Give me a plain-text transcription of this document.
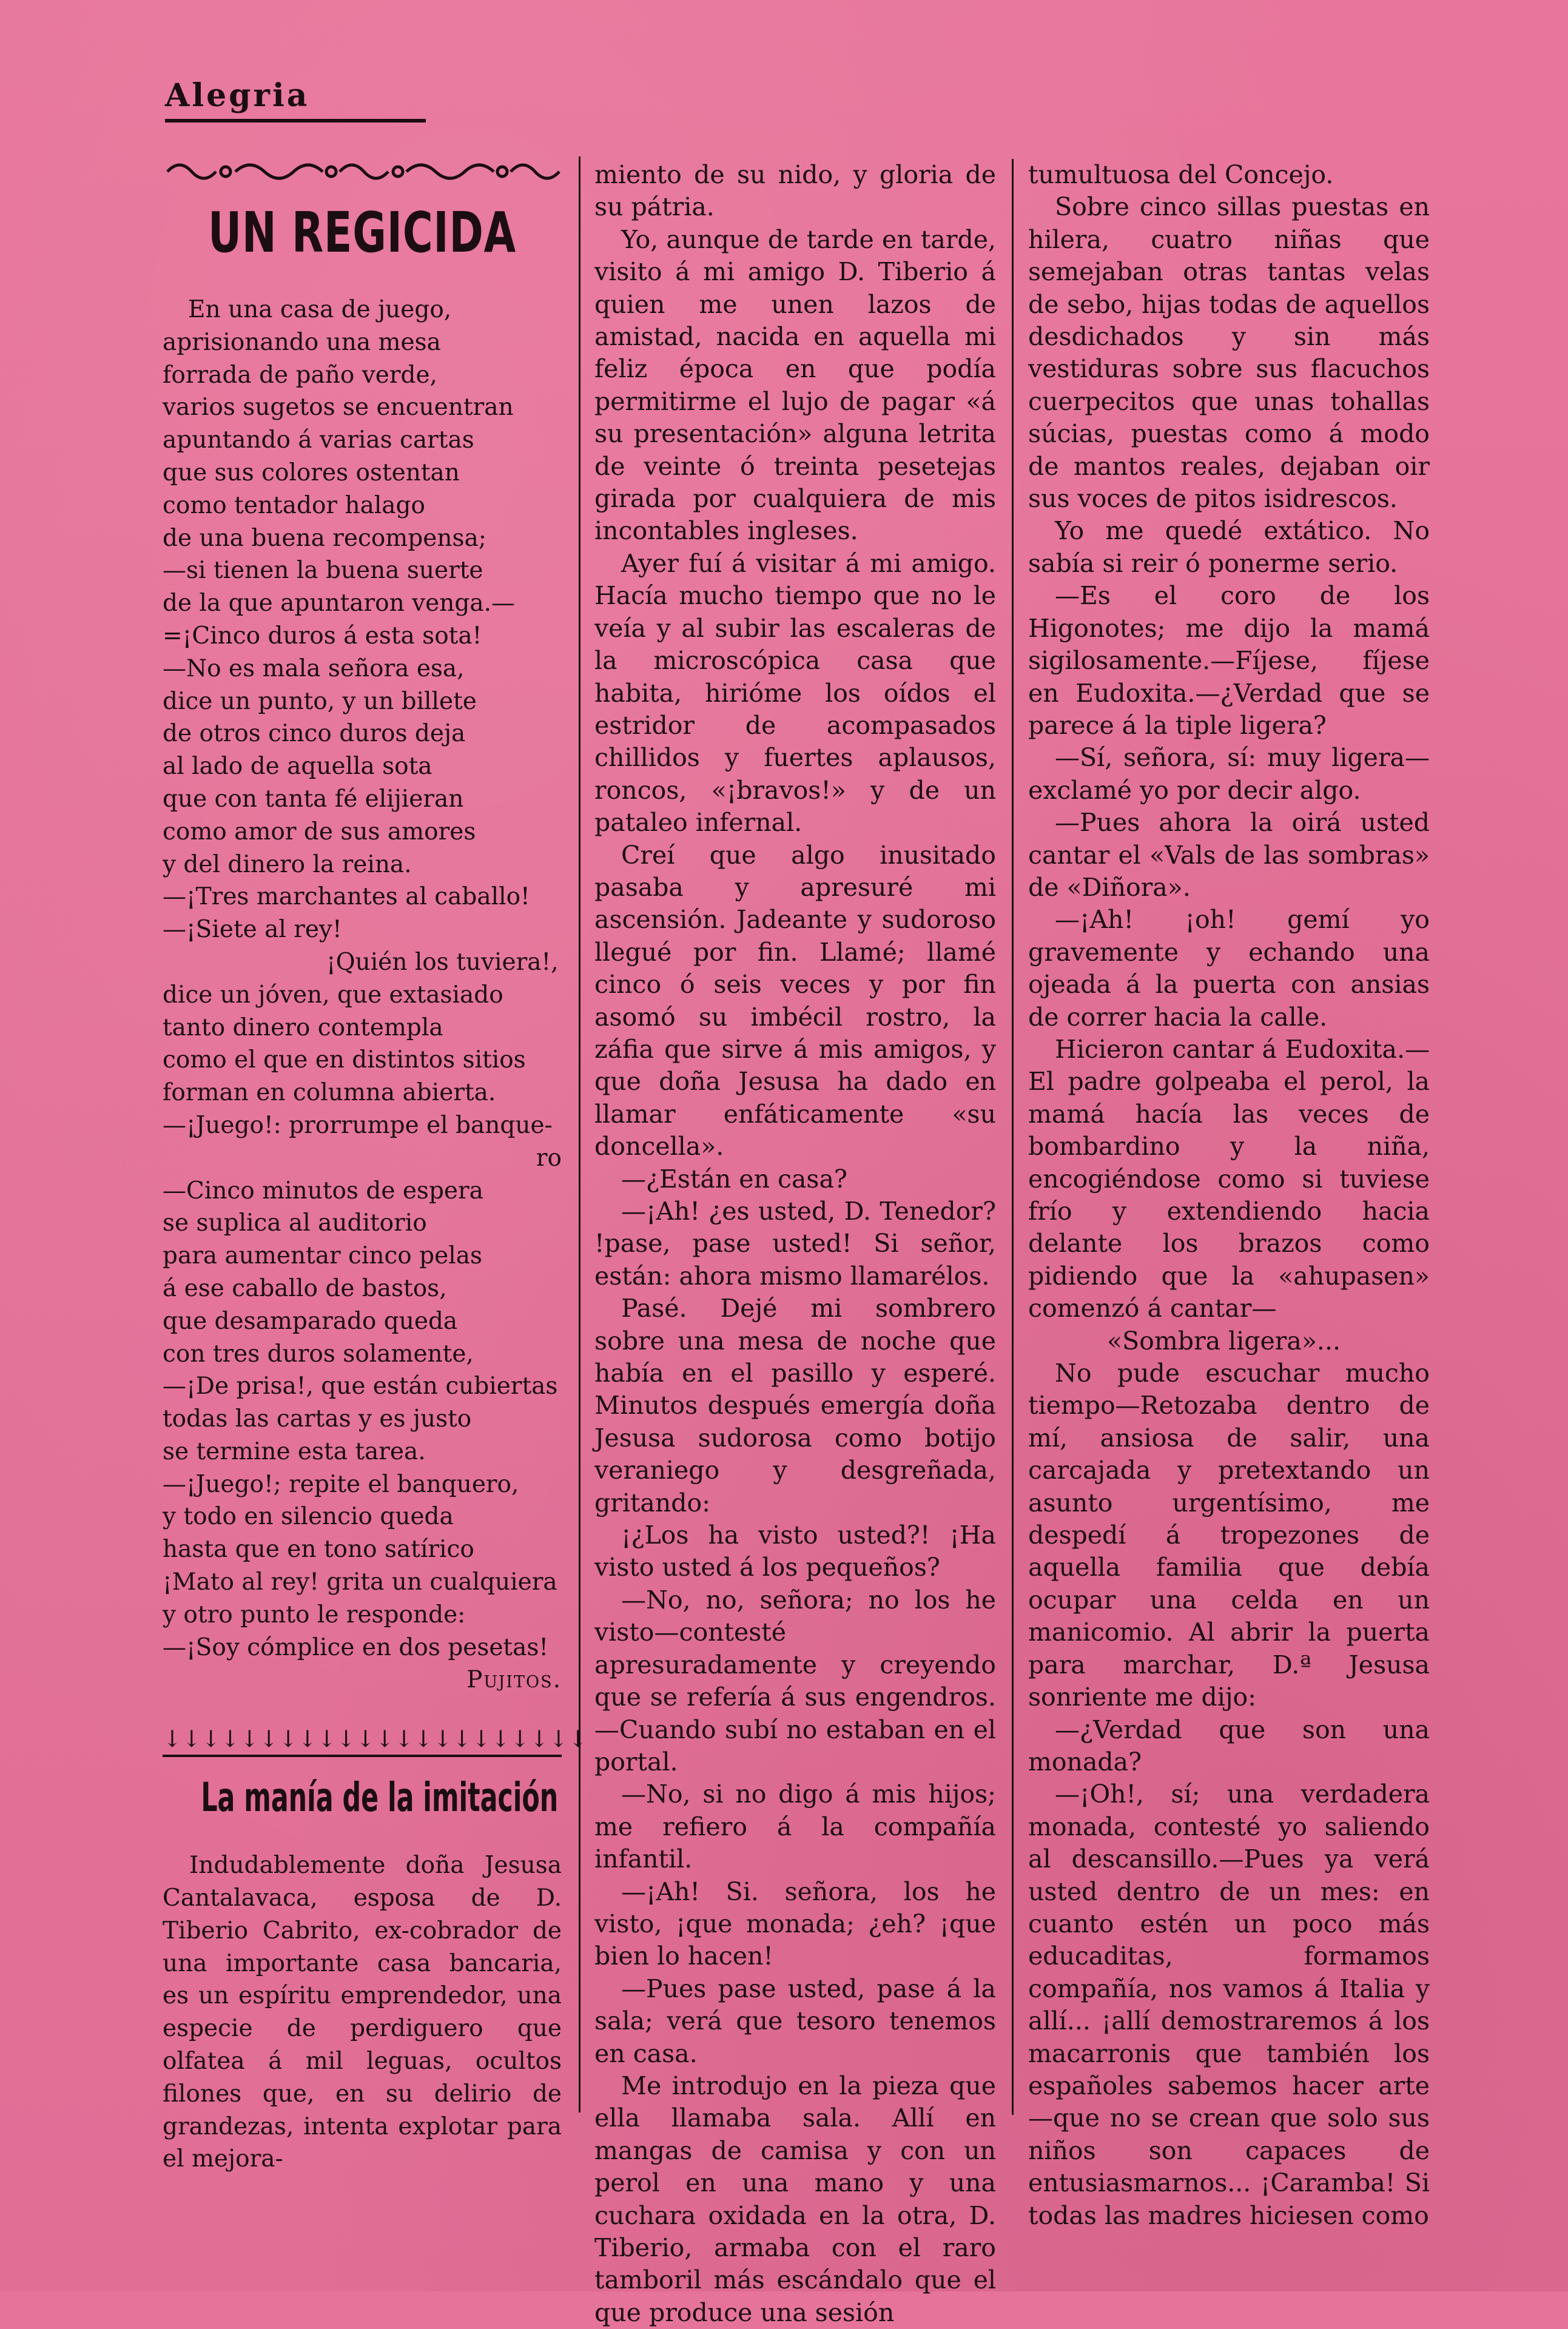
Alegria
UN REGICIDA
En una casa de juego,
aprisionando una mesa
forrada de paño verde,
varios sugetos se encuentran
apuntando á varias cartas
que sus colores ostentan
como tentador halago
de una buena recompensa;
—si tienen la buena suerte
de la que apuntaron venga.—
=¡Cinco duros á esta sota!
—No es mala señora esa,
dice un punto, y un billete
de otros cinco duros deja
al lado de aquella sota
que con tanta fé elijieran
como amor de sus amores
y del dinero la reina.
—¡Tres marchantes al caballo!
—¡Siete al rey!
¡Quién los tuviera!,
dice un jóven, que extasiado
tanto dinero contempla
como el que en distintos sitios
forman en columna abierta.
—¡Juego!: prorrumpe el banque-
ro
—Cinco minutos de espera
se suplica al auditorio
para aumentar cinco pelas
á ese caballo de bastos,
que desamparado queda
con tres duros solamente,
—¡De prisa!, que están cubiertas
todas las cartas y es justo
se termine esta tarea.
—¡Juego!; repite el banquero,
y todo en silencio queda
hasta que en tono satírico
¡Mato al rey! grita un cualquiera
y otro punto le responde:
—¡Soy cómplice en dos pesetas!
Pujitos.
↓ ↓ ↓ ↓ ↓ ↓ ↓ ↓ ↓ ↓ ↓ ↓ ↓ ↓ ↓ ↓ ↓ ↓ ↓ ↓ ↓ ↓
La manía de la imitación

Indudablemente doña Jesusa Cantalavaca, esposa de D. Tiberio Cabrito, ex-cobrador de una importante casa bancaria, es un espíritu emprendedor, una especie de perdiguero que olfatea á mil leguas, ocultos filones que, en su delirio de grandezas, intenta explotar para el mejora-

miento de su nido, y gloria de su pátria.

Yo, aunque de tarde en tarde, visito á mi amigo D. Tiberio á quien me unen lazos de amistad, nacida en aquella mi feliz época en que podía permitirme el lujo de pagar «á su presentación» alguna letrita de veinte ó treinta pesetejas girada por cualquiera de mis incontables ingleses.

Ayer fuí á visitar á mi amigo. Hacía mucho tiempo que no le veía y al subir las escaleras de la microscópica casa que habita, hirióme los oídos el estridor de acompasados chillidos y fuertes aplausos, roncos, «¡bravos!» y de un pataleo infernal.

Creí que algo inusitado pasaba y apresuré mi ascensión. Jadeante y sudoroso llegué por fin. Llamé; llamé cinco ó seis veces y por fin asomó su imbécil rostro, la záfia que sirve á mis amigos, y que doña Jesusa ha dado en llamar enfáticamente «su doncella».

—¿Están en casa?

—¡Ah! ¿es usted, D. Tenedor? !pase, pase usted! Si señor, están: ahora mismo llamarélos.

Pasé. Dejé mi sombrero sobre una mesa de noche que había en el pasillo y esperé. Minutos después emergía doña Jesusa sudorosa como botijo veraniego y desgreñada, gritando:

¡¿Los ha visto usted?! ¡Ha visto usted á los pequeños?

—No, no, señora; no los he visto—contesté apresuradamente y creyendo que se refería á sus engendros.—Cuando subí no estaban en el portal.

—No, si no digo á mis hijos; me refiero á la compañía infantil.

—¡Ah! Si. señora, los he visto, ¡que monada; ¿eh? ¡que bien lo hacen!

—Pues pase usted, pase á la sala; verá que tesoro tenemos en casa.

Me introdujo en la pieza que ella llamaba sala. Allí en mangas de camisa y con un perol en una mano y una cuchara oxidada en la otra, D. Tiberio, armaba con el raro tamboril más escándalo que el que produce una sesión

tumultuosa del Concejo.

Sobre cinco sillas puestas en hilera, cuatro niñas que semejaban otras tantas velas de sebo, hijas todas de aquellos desdichados y sin más vestiduras sobre sus flacuchos cuerpecitos que unas tohallas súcias, puestas como á modo de mantos reales, dejaban oir sus voces de pitos isidrescos.

Yo me quedé extático. No sabía si reir ó ponerme serio.

—Es el coro de los Higonotes; me dijo la mamá sigilosamente.—Fíjese, fíjese en Eudoxita.—¿Verdad que se parece á la tiple ligera?

—Sí, señora, sí: muy ligera—exclamé yo por decir algo.

—Pues ahora la oirá usted cantar el «Vals de las sombras» de «Diñora».

—¡Ah! ¡oh! gemí yo gravemente y echando una ojeada á la puerta con ansias de correr hacia la calle.

Hicieron cantar á Eudoxita.—El padre golpeaba el perol, la mamá hacía las veces de bombardino y la niña, encogiéndose como si tuviese frío y extendiendo hacia delante los brazos como pidiendo que la «ahupasen» comenzó á cantar—

«Sombra ligera»...

No pude escuchar mucho tiempo—Retozaba dentro de mí, ansiosa de salir, una carcajada y pretextando un asunto urgentísimo, me despedí á tropezones de aquella familia que debía ocupar una celda en un manicomio. Al abrir la puerta para marchar, D.ª Jesusa sonriente me dijo:

—¿Verdad que son una monada?

—¡Oh!, sí; una verdadera monada, contesté yo saliendo al descansillo.—Pues ya verá usted dentro de un mes: en cuanto estén un poco más educaditas, formamos compañía, nos vamos á Italia y allí... ¡allí demostraremos á los macarronis que también los españoles sabemos hacer arte—que no se crean que solo sus niños son capaces de entusiasmarnos... ¡Caramba! Si todas las madres hiciesen como
